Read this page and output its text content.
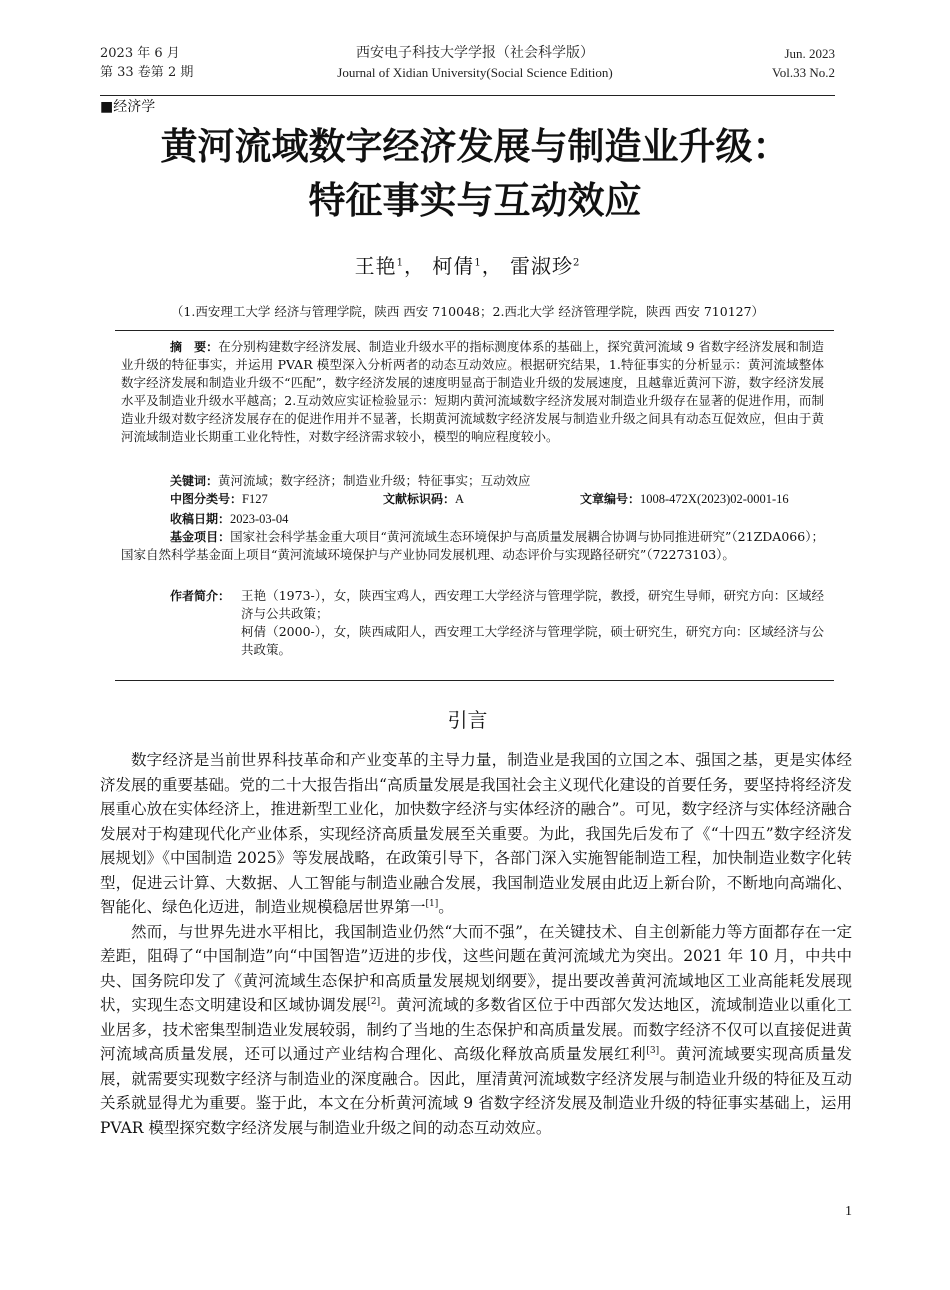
2023 年 6 月
第 33 卷第 2 期
西安电子科技大学学报（社会科学版）
Journal of Xidian University(Social Science Edition)
Jun. 2023
Vol.33 No.2
■经济学
黄河流域数字经济发展与制造业升级：
特征事实与互动效应
王艳$^1$， 柯倩$^1$， 雷淑珍$^2$
（1.西安理工大学 经济与管理学院，陕西 西安 710048；2.西北大学 经济管理学院，陕西 西安 710127）
摘　要：在分别构建数字经济发展、制造业升级水平的指标测度体系的基础上，探究黄河流域 9 省数字经济发展和制造业升级的特征事实，并运用 PVAR 模型深入分析两者的动态互动效应。根据研究结果，1.特征事实的分析显示：黄河流域整体数字经济发展和制造业升级不“匹配”，数字经济发展的速度明显高于制造业升级的发展速度，且越靠近黄河下游，数字经济发展水平及制造业升级水平越高；2.互动效应实证检验显示：短期内黄河流域数字经济发展对制造业升级存在显著的促进作用，而制造业升级对数字经济发展存在的促进作用并不显著，长期黄河流域数字经济发展与制造业升级之间具有动态互促效应，但由于黄河流域制造业长期重工业化特性，对数字经济需求较小，模型的响应程度较小。
关键词：黄河流域；数字经济；制造业升级；特征事实；互动效应
中图分类号：F127	文献标识码：A	文章编号：1008-472X(2023)02-0001-16
收稿日期：2023-03-04
基金项目：国家社会科学基金重大项目“黄河流域生态环境保护与高质量发展耦合协调与协同推进研究”（21ZDA066）；国家自然科学基金面上项目“黄河流域环境保护与产业协同发展机理、动态评价与实现路径研究”（72273103）。
作者简介： 王艳（1973-），女，陕西宝鸡人，西安理工大学经济与管理学院，教授，研究生导师，研究方向：区域经济与公共政策；
柯倩（2000-），女，陕西咸阳人，西安理工大学经济与管理学院，硕士研究生，研究方向：区域经济与公共政策。
引言

数字经济是当前世界科技革命和产业变革的主导力量，制造业是我国的立国之本、强国之基，更是实体经济发展的重要基础。党的二十大报告指出“高质量发展是我国社会主义现代化建设的首要任务，要坚持将经济发展重心放在实体经济上，推进新型工业化，加快数字经济与实体经济的融合”。可见，数字经济与实体经济融合发展对于构建现代化产业体系，实现经济高质量发展至关重要。为此，我国先后发布了《“十四五”数字经济发展规划》《中国制造 2025》等发展战略，在政策引导下，各部门深入实施智能制造工程，加快制造业数字化转型，促进云计算、大数据、人工智能与制造业融合发展，我国制造业发展由此迈上新台阶，不断地向高端化、智能化、绿色化迈进，制造业规模稳居世界第一[1]。

然而，与世界先进水平相比，我国制造业仍然“大而不强”，在关键技术、自主创新能力等方面都存在一定差距，阻碍了“中国制造”向“中国智造”迈进的步伐，这些问题在黄河流域尤为突出。2021 年 10 月，中共中央、国务院印发了《黄河流域生态保护和高质量发展规划纲要》，提出要改善黄河流域地区工业高能耗发展现状，实现生态文明建设和区域协调发展[2]。黄河流域的多数省区位于中西部欠发达地区，流域制造业以重化工业居多，技术密集型制造业发展较弱，制约了当地的生态保护和高质量发展。而数字经济不仅可以直接促进黄河流域高质量发展，还可以通过产业结构合理化、高级化释放高质量发展红利[3]。黄河流域要实现高质量发展，就需要实现数字经济与制造业的深度融合。因此，厘清黄河流域数字经济发展与制造业升级的特征及互动关系就显得尤为重要。鉴于此，本文在分析黄河流域 9 省数字经济发展及制造业升级的特征事实基础上，运用 PVAR 模型探究数字经济发展与制造业升级之间的动态互动效应。

1
